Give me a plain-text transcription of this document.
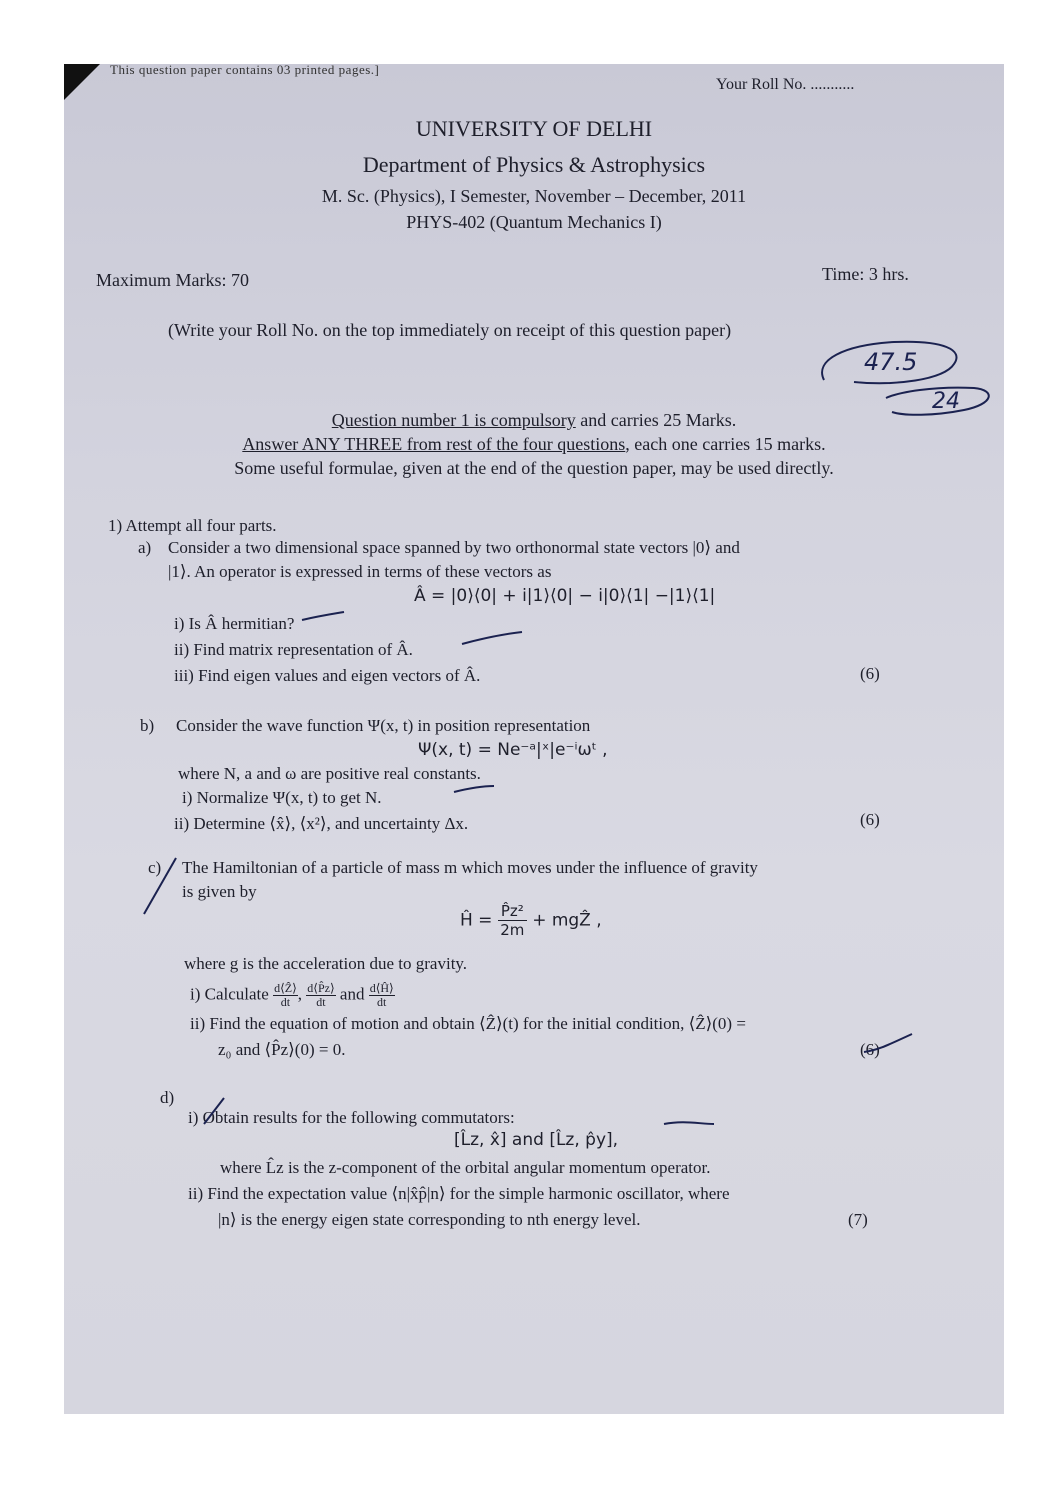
This question paper contains 03 printed pages.]
Your Roll No. ...........
UNIVERSITY OF DELHI
Department of Physics & Astrophysics
M. Sc. (Physics), I Semester, November – December, 2011
PHYS-402 (Quantum Mechanics I)
Maximum Marks: 70	Time: 3 hrs.
(Write your Roll No. on the top immediately on receipt of this question paper)
Question number 1 is compulsory and carries 25 Marks.
Answer ANY THREE from rest of the four questions, each one carries 15 marks.
Some useful formulae, given at the end of the question paper, may be used directly.
47.5
24
1) Attempt all four parts.
a) Consider a two dimensional space spanned by two orthonormal state vectors |0⟩ and
|1⟩. An operator is expressed in terms of these vectors as
Â = |0⟩⟨0| + i|1⟩⟨0| − i|0⟩⟨1| −|1⟩⟨1|
i) Is Â hermitian?
ii) Find matrix representation of Â.
iii) Find eigen values and eigen vectors of Â.	(6)
b) Consider the wave function Ψ(x, t) in position representation
Ψ(x, t) = Ne⁻ᵃ|ˣ|e⁻ⁱωᵗ ,
where N, a and ω are positive real constants.
i) Normalize Ψ(x, t) to get N.
ii) Determine ⟨x̂⟩, ⟨x²⟩, and uncertainty Δx.	(6)
c) The Hamiltonian of a particle of mass m which moves under the influence of gravity
is given by
Ĥ = $\frac{\text{P̂z²}}{2m}$ + mgẐ ,
where g is the acceleration due to gravity.
i) Calculate $\frac{\text{d⟨Ẑ⟩}}{dt}$ , $\frac{d⟨P̂z⟩}{dt}$ and $\frac{d⟨Ĥ⟩}{dt}$
ii) Find the equation of motion and obtain ⟨Ẑ⟩(t) for the initial condition, ⟨Ẑ⟩(0) =
z₀ and ⟨P̂z⟩(0) = 0.	(6)
d)
i) Obtain results for the following commutators:
[L̂z, x̂] and [L̂z, p̂y],
where L̂z is the z-component of the orbital angular momentum operator.
ii) Find the expectation value ⟨n|x̂p̂|n⟩ for the simple harmonic oscillator, where
|n⟩ is the energy eigen state corresponding to nth energy level.	(7)
